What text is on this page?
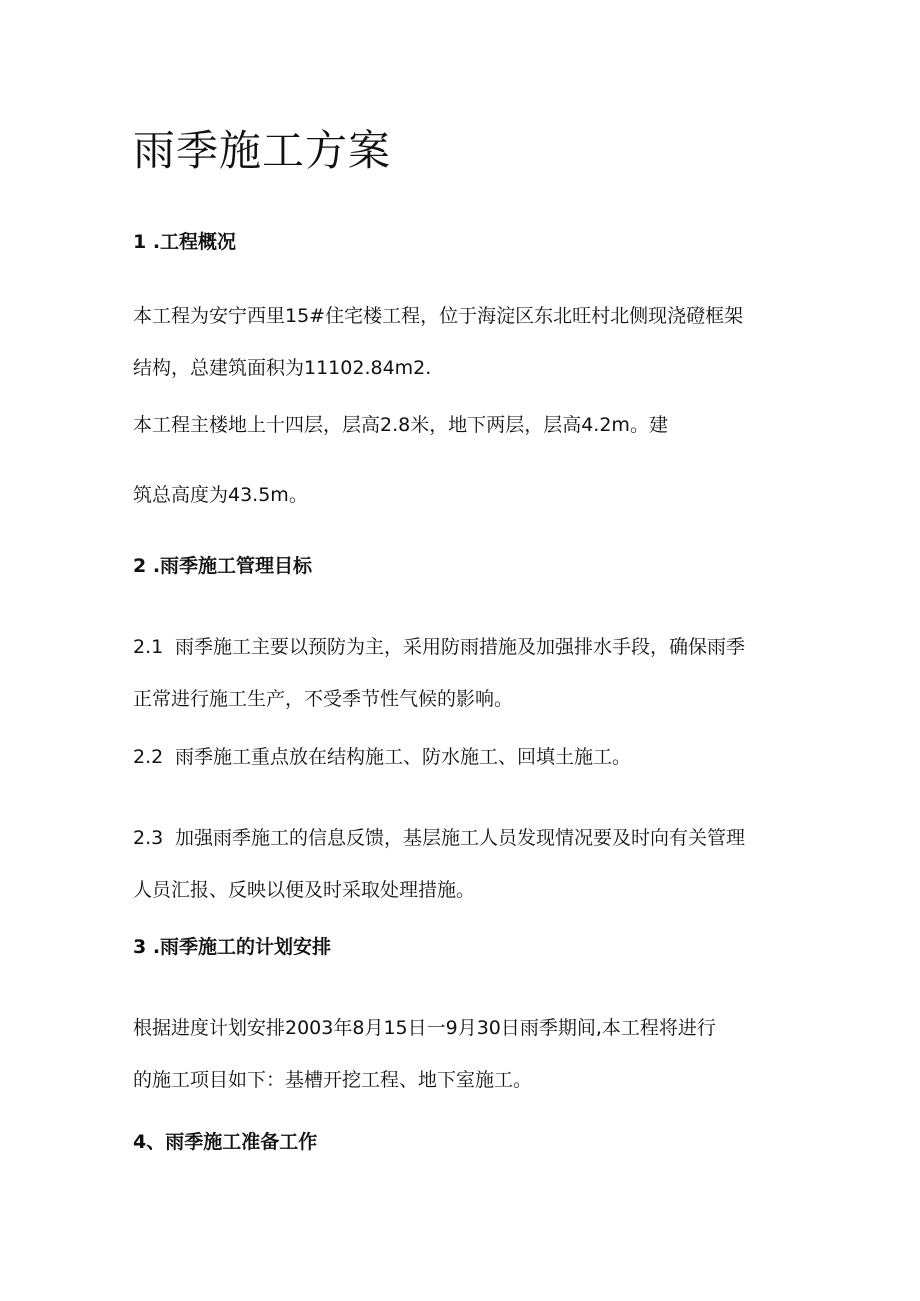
雨季施工方案
1 .工程概况

本工程为安宁西里15#住宅楼工程，位于海淀区东北旺村北侧现浇磴框架
结构，总建筑面积为11102.84m2.

本工程主楼地上十四层，层高2.8米，地下两层，层高4.2m。建

筑总高度为43.5m。

2 .雨季施工管理目标

2.1 雨季施工主要以预防为主，采用防雨措施及加强排水手段，确保雨季
正常进行施工生产，不受季节性气候的影响。

2.2 雨季施工重点放在结构施工、防水施工、回填土施工。

2.3 加强雨季施工的信息反馈，基层施工人员发现情况要及时向有关管理
人员汇报、反映以便及时采取处理措施。

3 .雨季施工的计划安排

根据进度计划安排2003年8月15日一9月30日雨季期间,本工程将进行
的施工项目如下：基槽开挖工程、地下室施工。

4、雨季施工准备工作
